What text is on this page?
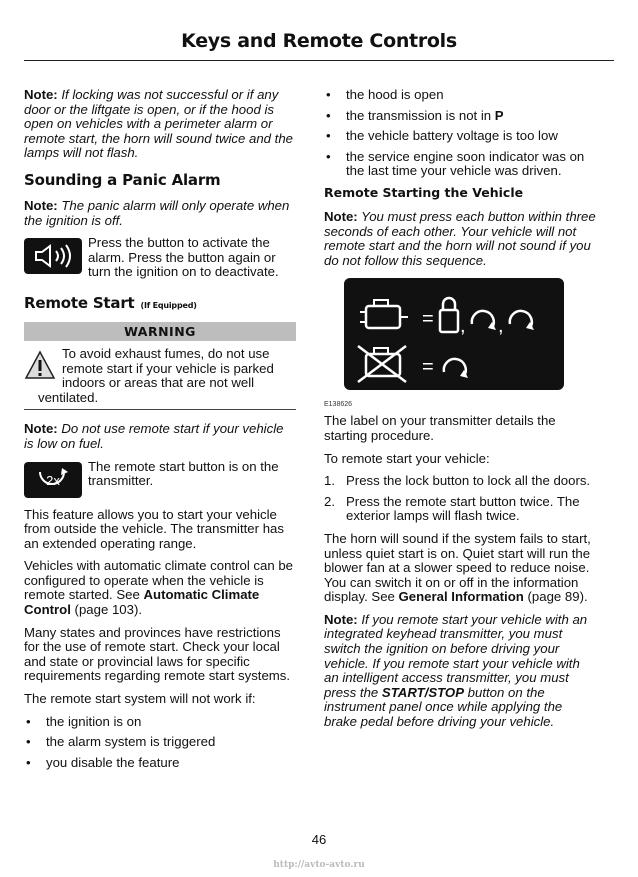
Keys and Remote Controls

Note: If locking was not successful or if any door or the liftgate is open, or if the hood is open on vehicles with a perimeter alarm or remote start, the horn will sound twice and the lamps will not flash.

Sounding a Panic Alarm

Note: The panic alarm will only operate when the ignition is off.

Press the button to activate the alarm. Press the button again or turn the ignition on to deactivate.

Remote Start (If Equipped)
WARNING

To avoid exhaust fumes, do not use remote start if your vehicle is parked indoors or areas that are not well ventilated.

Note: Do not use remote start if your vehicle is low on fuel.

2x

The remote start button is on the transmitter.

This feature allows you to start your vehicle from outside the vehicle. The transmitter has an extended operating range.

Vehicles with automatic climate control can be configured to operate when the vehicle is remote started. See Automatic Climate Control (page 103).

Many states and provinces have restrictions for the use of remote start. Check your local and state or provincial laws for specific requirements regarding remote start systems.

The remote start system will not work if:

• the ignition is on
• the alarm system is triggered
• you disable the feature
• the hood is open
• the transmission is not in P
• the vehicle battery voltage is too low
• the service engine soon indicator was on the last time your vehicle was driven.
Remote Starting the Vehicle

Note: You must press each button within three seconds of each other. Your vehicle will not remote start and the horn will not sound if you do not follow this sequence.

= , ,
=
E138626

The label on your transmitter details the starting procedure.

To remote start your vehicle:

1. Press the lock button to lock all the doors.
2. Press the remote start button twice. The exterior lamps will flash twice.

The horn will sound if the system fails to start, unless quiet start is on. Quiet start will run the blower fan at a slower speed to reduce noise. You can switch it on or off in the information display. See General Information (page 89).

Note: If you remote start your vehicle with an integrated keyhead transmitter, you must switch the ignition on before driving your vehicle. If you remote start your vehicle with an intelligent access transmitter, you must press the START/STOP button on the instrument panel once while applying the brake pedal before driving your vehicle.

46
http://avto-avto.ru
